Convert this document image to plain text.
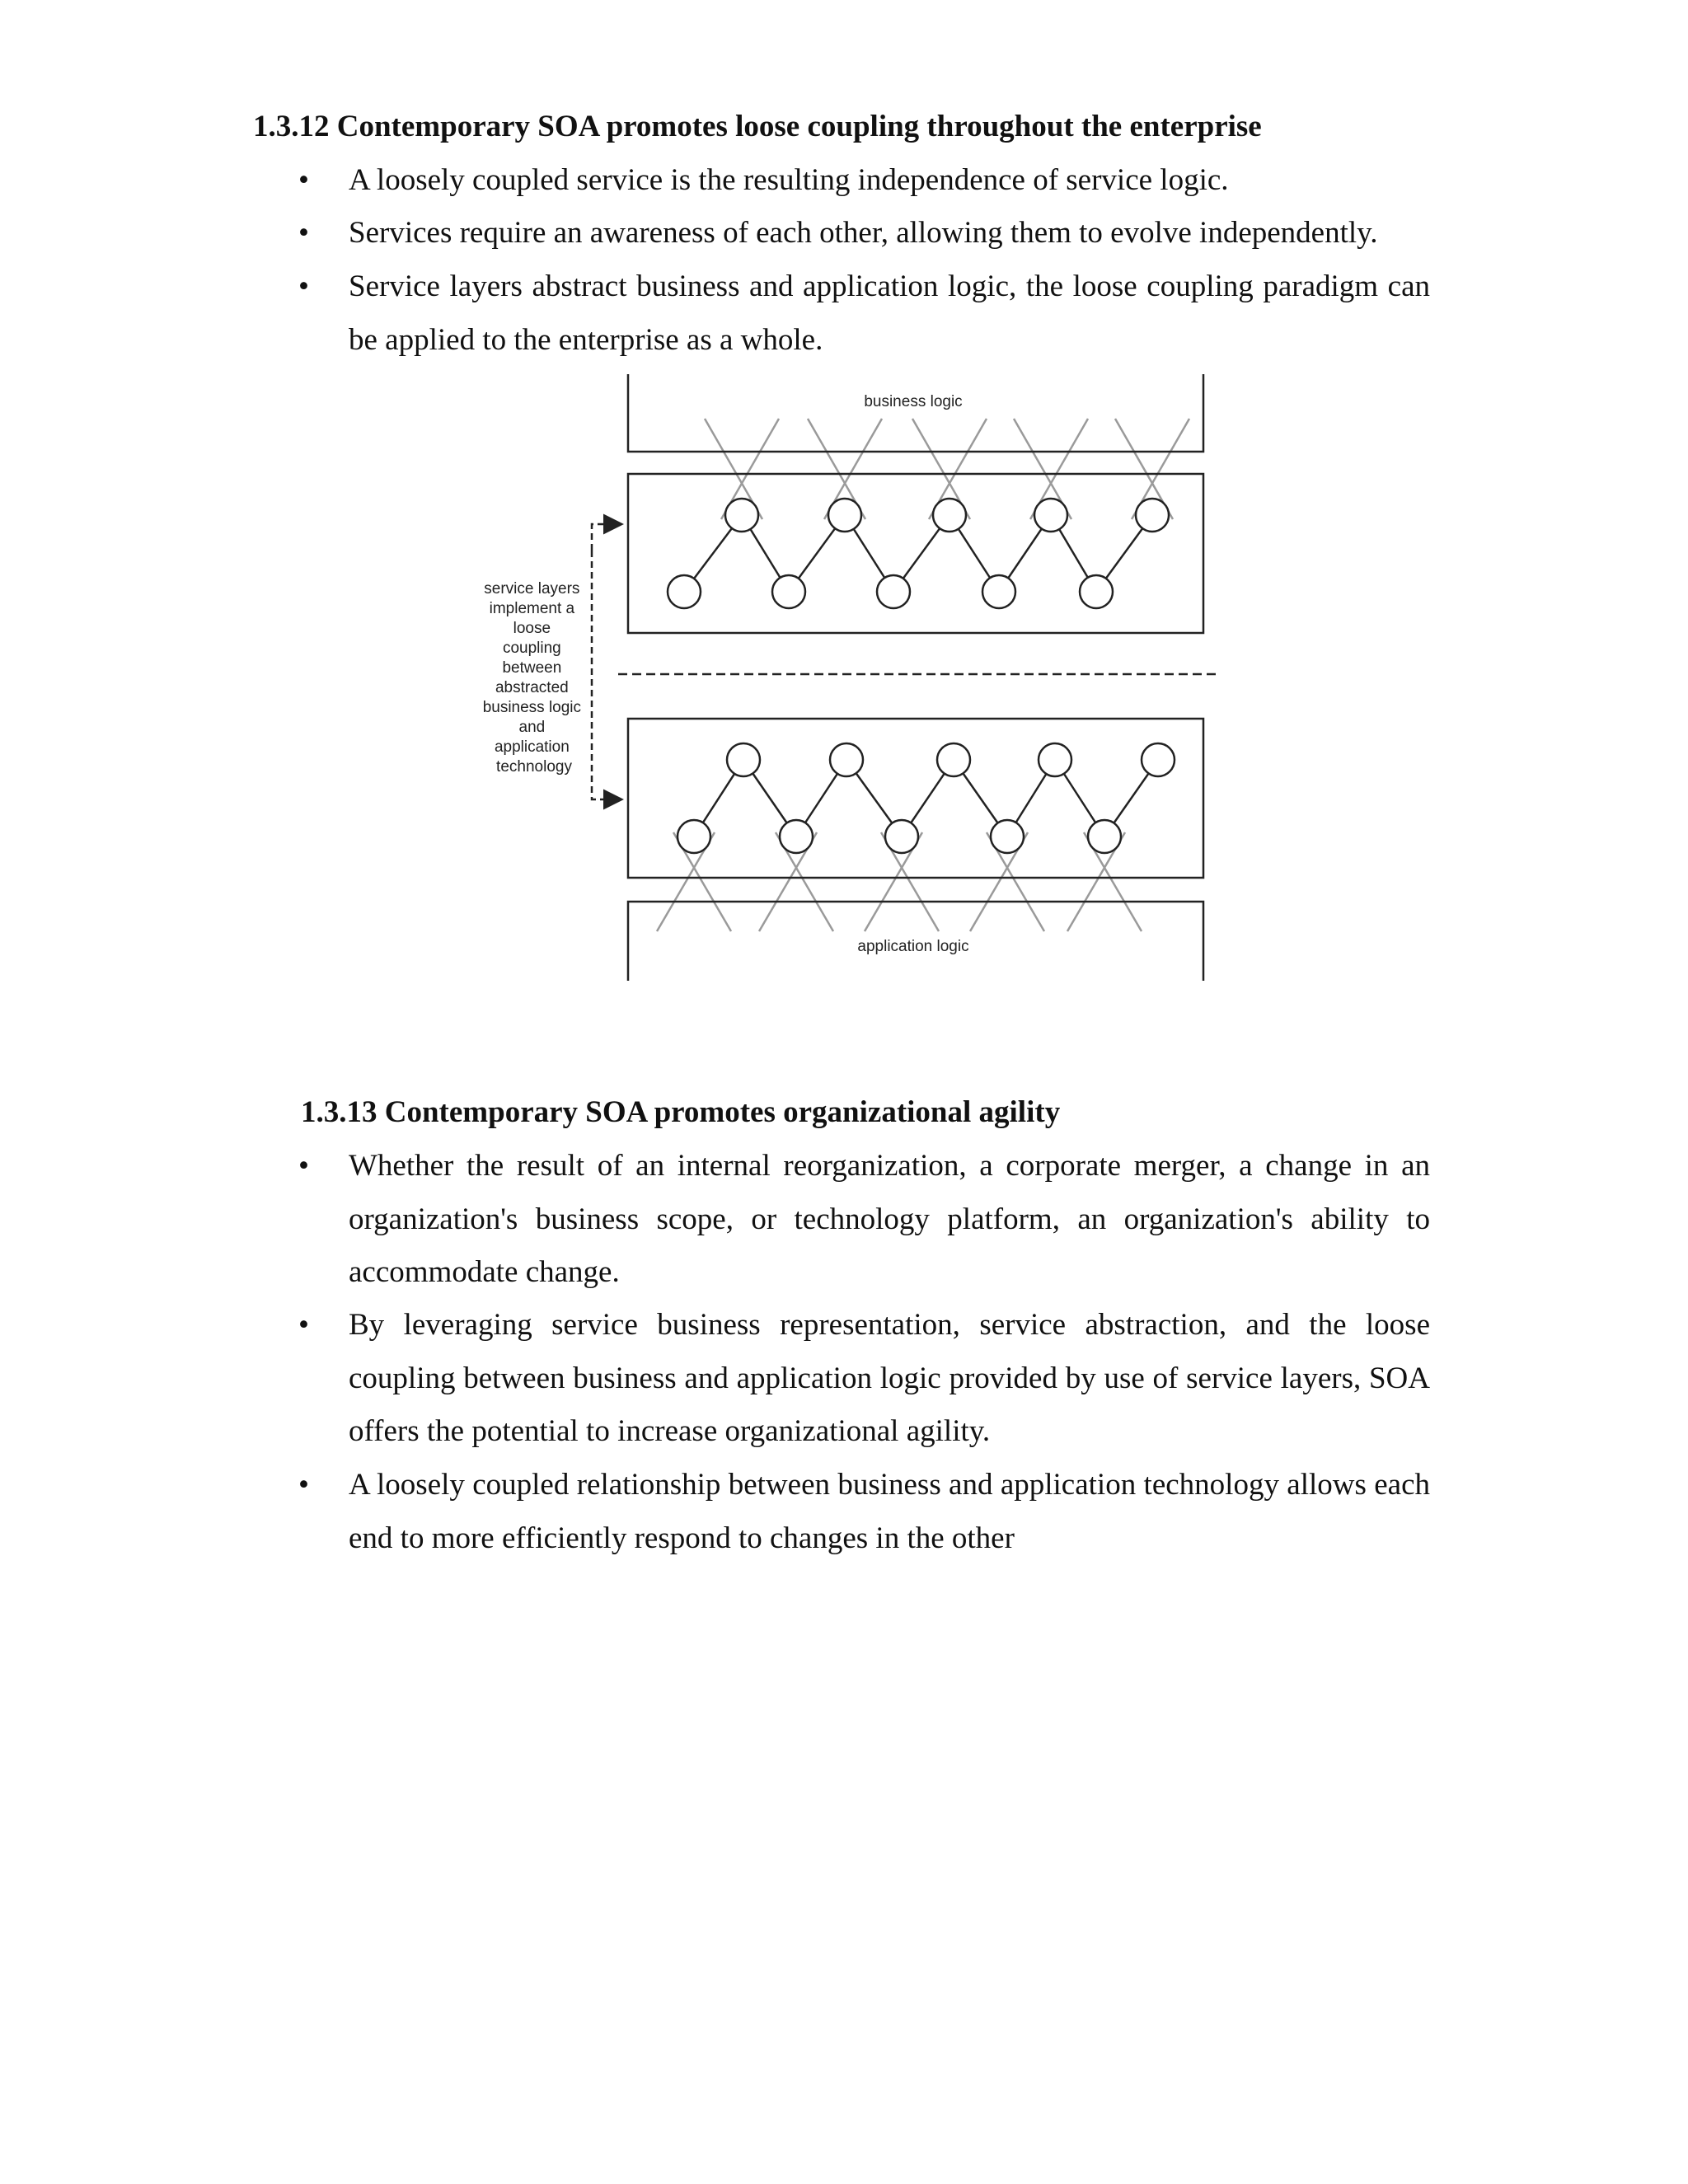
1.3.12 Contemporary SOA promotes loose coupling throughout the enterprise
• A loosely coupled service is the resulting independence of service logic.
• Services require an awareness of each other, allowing them to evolve independently.
• Service layers abstract business and application logic, the loose coupling paradigm can be applied to the enterprise as a whole.
business logic
application logic
service layers implement a loose coupling between abstracted business logic and application technology
1.3.13 Contemporary SOA promotes organizational agility
• Whether the result of an internal reorganization, a corporate merger, a change in an organization's business scope, or technology platform, an organization's ability to accommodate change.
• By leveraging service business representation, service abstraction, and the loose coupling between business and application logic provided by use of service layers, SOA offers the potential to increase organizational agility.
• A loosely coupled relationship between business and application technology allows each end to more efficiently respond to changes in the other
